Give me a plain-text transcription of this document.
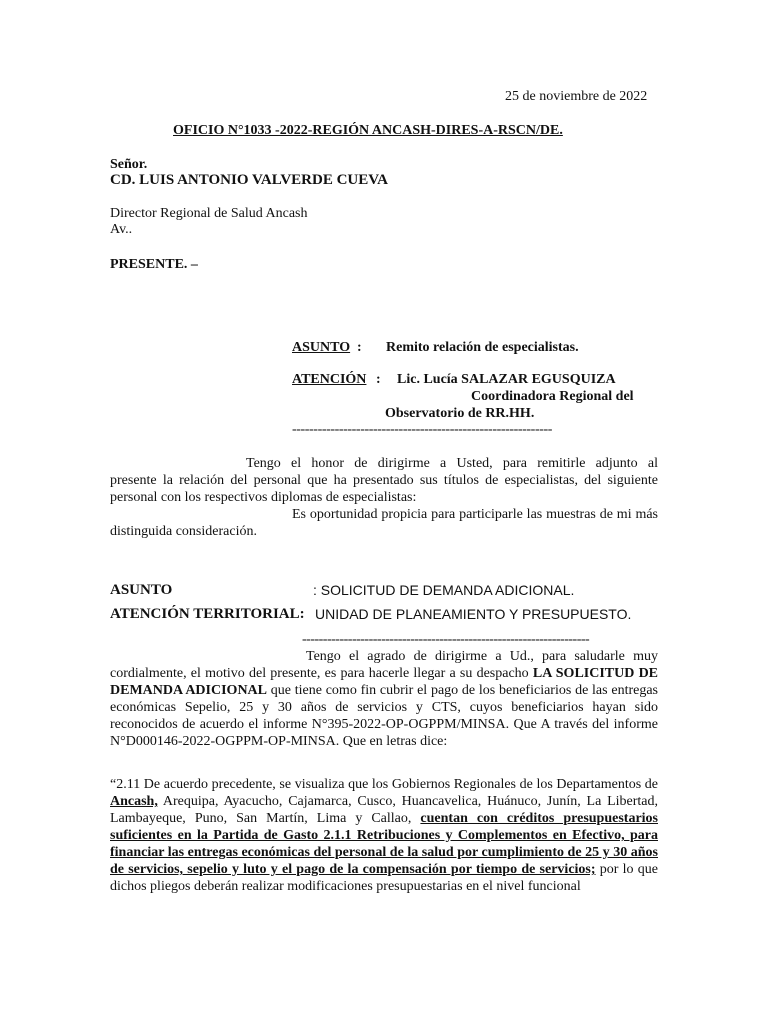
25 de noviembre de 2022
OFICIO N°1033 -2022-REGIÓN ANCASH-DIRES-A-RSCN/DE.
Señor.
CD. LUIS ANTONIO VALVERDE CUEVA
Director Regional de Salud Ancash
Av..
PRESENTE. –
ASUNTO : Remito relación de especialistas.
ATENCIÓN : Lic. Lucía SALAZAR EGUSQUIZA
Coordinadora Regional del
Observatorio de RR.HH.
-------------------------------------------------------------
Tengo el honor de dirigirme a Usted, para remitirle adjunto al
presente la relación del personal que ha presentado sus títulos de especialistas, del siguiente personal con los respectivos diplomas de especialistas:
Es oportunidad propicia para participarle las muestras de mi más distinguida consideración.
ASUNTO	: SOLICITUD DE DEMANDA ADICIONAL.
ATENCIÓN TERRITORIAL: UNIDAD DE PLANEAMIENTO Y PRESUPUESTO.
---------------------------------------------------------------------
Tengo el agrado de dirigirme a Ud., para saludarle muy
cordialmente, el motivo del presente, es para hacerle llegar a su despacho LA SOLICITUD DE DEMANDA ADICIONAL que tiene como fin cubrir el pago de los beneficiarios de las entregas económicas Sepelio, 25 y 30 años de servicios y CTS, cuyos beneficiarios hayan sido reconocidos de acuerdo el informe N°395-2022-OP-OGPPM/MINSA. Que A través del informe N°D000146-2022-OGPPM-OP-MINSA. Que en letras dice:
“2.11 De acuerdo precedente, se visualiza que los Gobiernos Regionales de los Departamentos de Ancash, Arequipa, Ayacucho, Cajamarca, Cusco, Huancavelica, Huánuco, Junín, La Libertad, Lambayeque, Puno, San Martín, Lima y Callao, cuentan con créditos presupuestarios suficientes en la Partida de Gasto 2.1.1 Retribuciones y Complementos en Efectivo, para financiar las entregas económicas del personal de la salud por cumplimiento de 25 y 30 años de servicios, sepelio y luto y el pago de la compensación por tiempo de servicios; por lo que dichos pliegos deberán realizar modificaciones presupuestarias en el nivel funcional
